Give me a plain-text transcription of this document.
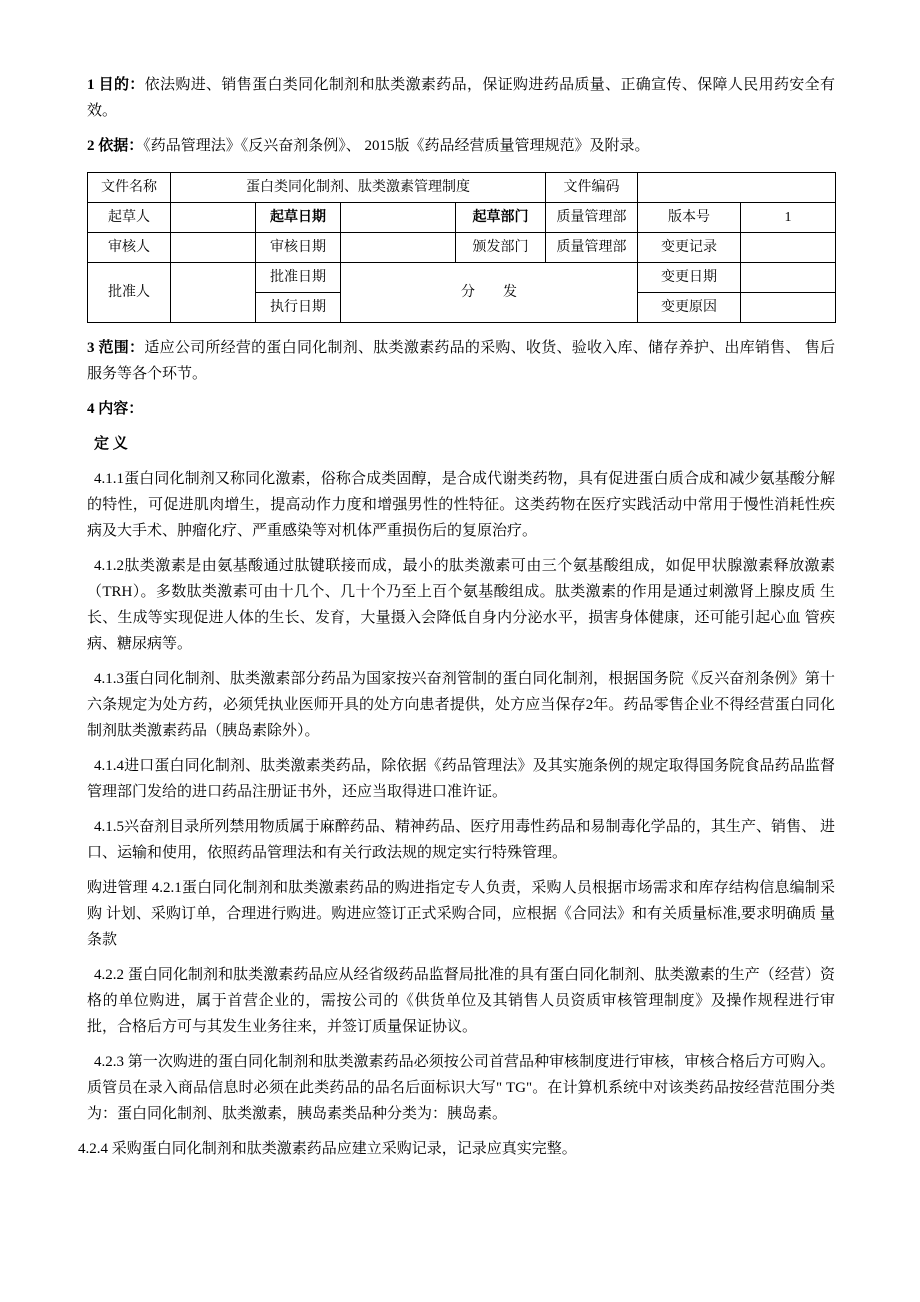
1 目的：依法购进、销售蛋白类同化制剂和肽类激素药品，保证购进药品质量、正确宣传、保障人民用药安全有效。

2 依据：《药品管理法》《反兴奋剂条例》、 2015版《药品经营质量管理规范》及附录。

文件名称	蛋白类同化制剂、肽类激素管理制度				文件编码		
起草人		起草日期		起草部门	质量管理部	版本号	1
审核人		审核日期		颁发部门	质量管理部	变更记录	
批准人		批准日期	分　　发			变更日期	
		执行日期				变更原因	

3 范围：适应公司所经营的蛋白同化制剂、肽类激素药品的采购、收货、验收入库、储存养护、出库销售、 售后服务等各个环节。

4 内容：

定 义

4.1.1蛋白同化制剂又称同化激素，俗称合成类固醇，是合成代谢类药物，具有促进蛋白质合成和减少氨基酸分解的特性，可促进肌肉增生，提高动作力度和增强男性的性特征。这类药物在医疗实践活动中常用于慢性消耗性疾病及大手术、肿瘤化疗、严重感染等对机体严重损伤后的复原治疗。

4.1.2肽类激素是由氨基酸通过肽键联接而成，最小的肽类激素可由三个氨基酸组成，如促甲状腺激素释放激素（TRH）。多数肽类激素可由十几个、几十个乃至上百个氨基酸组成。肽类激素的作用是通过刺激肾上腺皮质 生长、生成等实现促进人体的生长、发育，大量摄入会降低自身内分泌水平，损害身体健康，还可能引起心血 管疾病、糖尿病等。

4.1.3蛋白同化制剂、肽类激素部分药品为国家按兴奋剂管制的蛋白同化制剂，根据国务院《反兴奋剂条例》第十六条规定为处方药，必须凭执业医师开具的处方向患者提供，处方应当保存2年。药品零售企业不得经营蛋白同化制剂肽类激素药品（胰岛素除外）。

4.1.4进口蛋白同化制剂、肽类激素类药品，除依据《药品管理法》及其实施条例的规定取得国务院食品药品监督管理部门发给的进口药品注册证书外，还应当取得进口准许证。

4.1.5兴奋剂目录所列禁用物质属于麻醉药品、精神药品、医疗用毒性药品和易制毒化学品的，其生产、销售、 进口、运输和使用，依照药品管理法和有关行政法规的规定实行特殊管理。

购进管理 4.2.1蛋白同化制剂和肽类激素药品的购进指定专人负责，采购人员根据市场需求和库存结构信息编制采购 计划、采购订单，合理进行购进。购进应签订正式采购合同，应根据《合同法》和有关质量标准,要求明确质 量条款

4.2.2 蛋白同化制剂和肽类激素药品应从经省级药品监督局批准的具有蛋白同化制剂、肽类激素的生产（经营）资格的单位购进，属于首营企业的，需按公司的《供货单位及其销售人员资质审核管理制度》及操作规程进行审批，合格后方可与其发生业务往来，并签订质量保证协议。

4.2.3 第一次购进的蛋白同化制剂和肽类激素药品必须按公司首营品种审核制度进行审核，审核合格后方可购入。质管员在录入商品信息时必须在此类药品的品名后面标识大写" TG"。在计算机系统中对该类药品按经营范围分类为：蛋白同化制剂、肽类激素，胰岛素类品种分类为：胰岛素。

4.2.4 采购蛋白同化制剂和肽类激素药品应建立采购记录，记录应真实完整。
